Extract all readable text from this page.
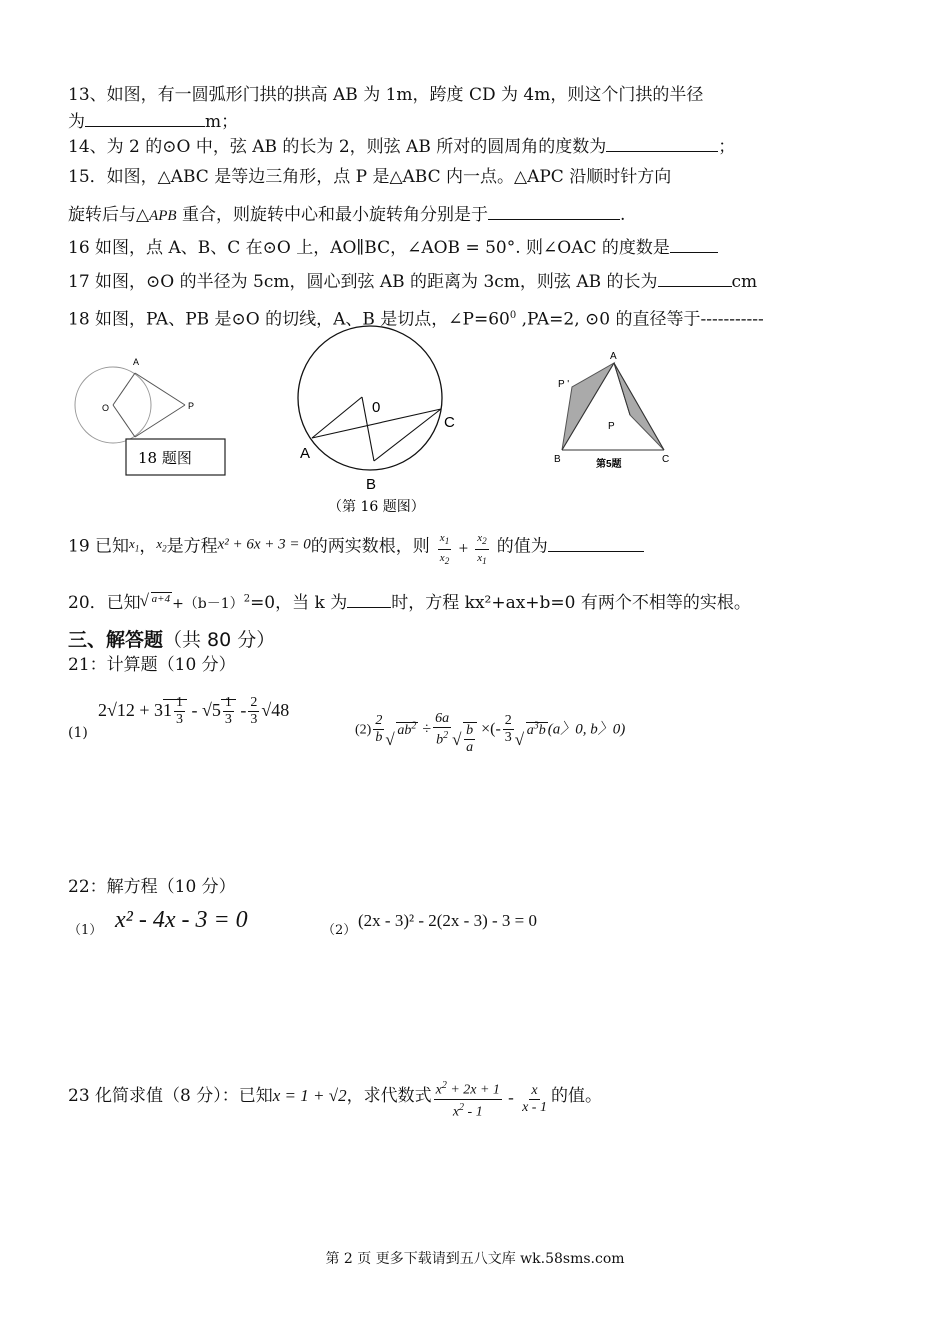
13、如图，有一圆弧形门拱的拱高 AB 为 1m，跨度 CD 为 4m，则这个门拱的半径
为	m；
14、为 2 的⊙O 中，弦 AB 的长为 2，则弦 AB 所对的圆周角的度数为	；
15．如图，△ABC 是等边三角形，点 P 是△ABC 内一点。△APC 沿顺时针方向
旋转后与△APB 重合，则旋转中心和最小旋转角分别是于	.
16 如图，点 A、B、C 在⊙O 上，AO∥BC，∠AOB = 50°. 则∠OAC 的度数是
17 如图，⊙O 的半径为 5cm，圆心到弦 AB 的距离为 3cm，则弦 AB 的长为	cm
18 如图，PA、PB 是⊙O 的切线，A、B 是切点，$\angle P=60^0$ ,PA=2, ⊙0 的直径等于-----------
A
O	P
18 题图
0
A
B
C
（第 16 题图）
A
P '
P
B	C
第5题
19 已知$^{x_1}$，$^{x_2}$是方程x² + 6x + 3 = 0的两实数根，则 $\frac{x_1}{x_2} + \frac{x_2}{x_1}$ 的值为
20．已知 √ $^{a+4} +(b-1)^2=0$，当 k 为	时，方程 kx²+ax+b=0 有两个不相等的实根。
三、解答题（共 80 分）
21：计算题（10 分）
(1)
$2√12 + 31 \frac{1}{3} - √5 \frac{1}{3} - \frac{2}{3} √48$
$(2) \frac{2}{b}$ √ $ab^2 \div \frac{6a}{b^2}$ √ $\frac{b}{a}$ ×(- $\frac{2}{3}$ √ $a^3b$ (a〉0, b〉0)
22：解方程（10 分）
（1） x² - 4x - 3 = 0	（2）
(2x - 3)² - 2(2x - 3) - 3 = 0
23 化简求值（8 分）：已知x = 1 + √2，求代数式 $\frac{x^2 + 2x + 1}{x^2 - 1} - \frac{x}{x - 1}$ 的值。
第 2 页 更多下载请到五八文库 wk.58sms.com
